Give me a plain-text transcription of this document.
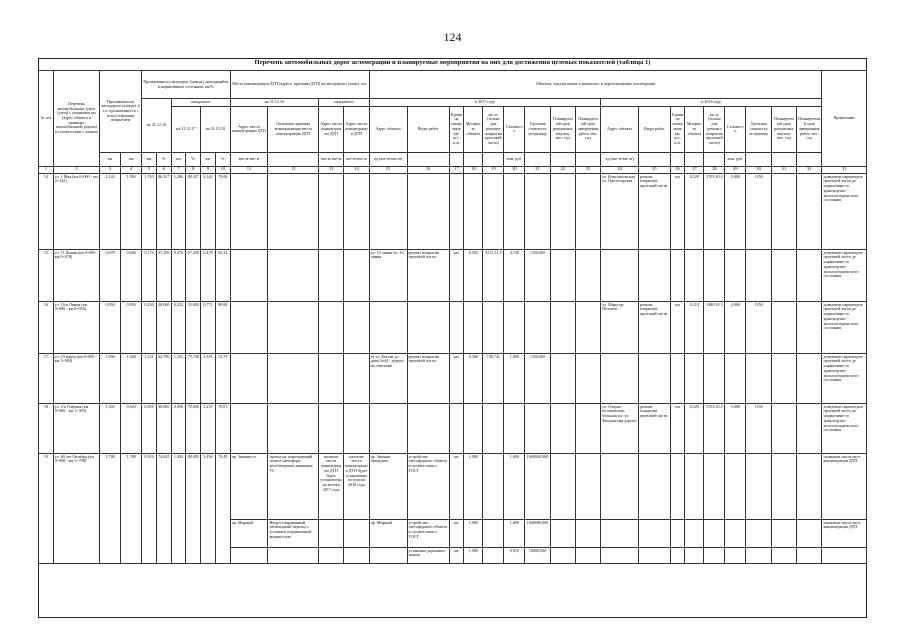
124
Перечень автомобильных дорог агломерации и планируемые мероприятия на них для достижения целевых показателей (таблица 1)
№ п/п	Перечень автомобильных дорог (улиц) с указанием км (адрес объекта в границах автомобильной дороги) в соответствии с планом	Протяженность автодороги (улицы), в т.ч. протяженность с искусственным покрытием		Протяженность автодорог (улицы), находящейся в нормативном состоянии, км/%						Места концентрации ДТП (адреса, причины ДТП) на автодороге (улице), шт.				Объекты, предлагаемые к ремонтам, к переоснащению агломерации																		Примечание
				на 31.12.16		ожидаемое				на 31.12.16		ожидаемое		в 2017 году									в 2018 году									
						на 31.12.17		на 31.12.18		Адрес места концентрации ДТП	Описание причины возникновения места концентрации ДТП	Адрес места концентрации ДТП	Адрес места концентрации ДТП	Адрес объекта	Виды работ	Единица измерения км, шт., п.м.	Мощность объекта	кв. м. (только для ремонта покрытия проезжей части)	Стоимость	Удельная стоимость за единицу	Планируемый срок ремонтных закупок, мес. год	Планируемый срок завершения работ, мес. год	Адрес объекта	Виды работ	Единица измерения км, шт., п.м.	Мощность объекта	кв. м. (только для ремонта покрытия проезжей части)	Стоимость	Удельная стоимость за единицу	Планируемый срок ремонтных закупок, мес. год	Планируемый срок завершения работ, мес. год	
		км	км	км	%	км	%	км	%	км+м-км+м		км+м-км+м	км+м-км+м	ад.(км+м-км+м)					млн. руб.				ад.(км+м-км+м)					млн. руб.				
1	2	3	4	5	6	7	8	9	10	11	12	13	14	15	16	17	18	19	20	21	22	23	24	25	26	27	28	29	30	31	32	33
14	ул. 1 Мая (км 0+000 - км 2+142)	2,142	1,994	1,763	86,357	1,280	88,357	2,142	79,06														ул. Комсомольская ул. Пролетарская	ремонт покрытия проезжей части	км	0,529	3703,30 4	5,000	1350			доведение параметров проезжей части до нормативно-го транспортно-эксплуатацион-ного состояния
15	ул. 11 Линия (км 0+000 - км 0+678)	0,678	0,646	0,176	27,256	0,476	67,258	0,478	62,24					ул. 10 линия-ул. 16 линия	ремонт покрытия проезжей части	км	0,502	3511,11 1	4,740	1350,000												доведение параметров проезжей части до нормативно-го транспортно-эксплуатацион-ного состояния
16	ул. 16-я Линия (км 0+000 - км 0+950)	0,950	0,950	0,250	28,000	0,252	33,003	0,772	80,00														ул. Мира-пр. Полевов	ремонт покрытия проезжей части	км	0,213	1489,33 3	2,006	1350			доведение параметров проезжей части до нормативно-го транспортно-эксплуатацион-ного состояния
17	ул. 19 марта (км 0+000 - км 1+904)	1,904	1,528	1,231	64,796	1,331	79,748	1,331	74,75					от ул. Котова до дома №44 - дороги на очистные	ремонт покрытия проезжей части	км	0,306	740,741	1,600	1350,000												доведение параметров проезжей части до нормативно-го транспортно-эксплуатацион-ного состояния
18	ул. 2-я Озерная (км 0+000 - км 1+303)	1,303	0,620	0,056	40,000	0,956	70,650	1,210	70,01														ул. Озерно-кутоновская-большая пл. ул. Звездин-ная дороги	ремонт покрытия проезжей части	км	0,529	3703,30 4	5,000	1350			доведение параметров проезжей части до нормативно-го транспортно-эксплуатацион-ного состояния
19	ул. 60 лет Октября (км 0+000 - км 1+798)	1,788	1,788	0,914	74,625	1,494	88,005	1,494	74,49	пр. Зимняя-ул.	проезд на запрещающий сигнал светофора, несоблюдение движения ТС	наличие места концентрации ДТП будет установлено по итогам 2017 года	наличие места концентрации ДТП будет установлено по итогам 2018 года	пр. Зимняя-Заводская	устройство светофорного объекта в соответствии с ГОСТ	шт.	1,000		1,600	1600000,000												снижение числа мест концентрации ДТП
										пр. Мирный	Неурегулированный пешеходный переход с условием ограниченной видимостью			пр. Мирный	устройство светофорного объекта в соответствии с ГОСТ	шт.	1,000		1,600	1600000,000												снижение числа мест концентрации ДТП
															установка дорожных знаков	шт.	1,000		0,010	10000,000												
